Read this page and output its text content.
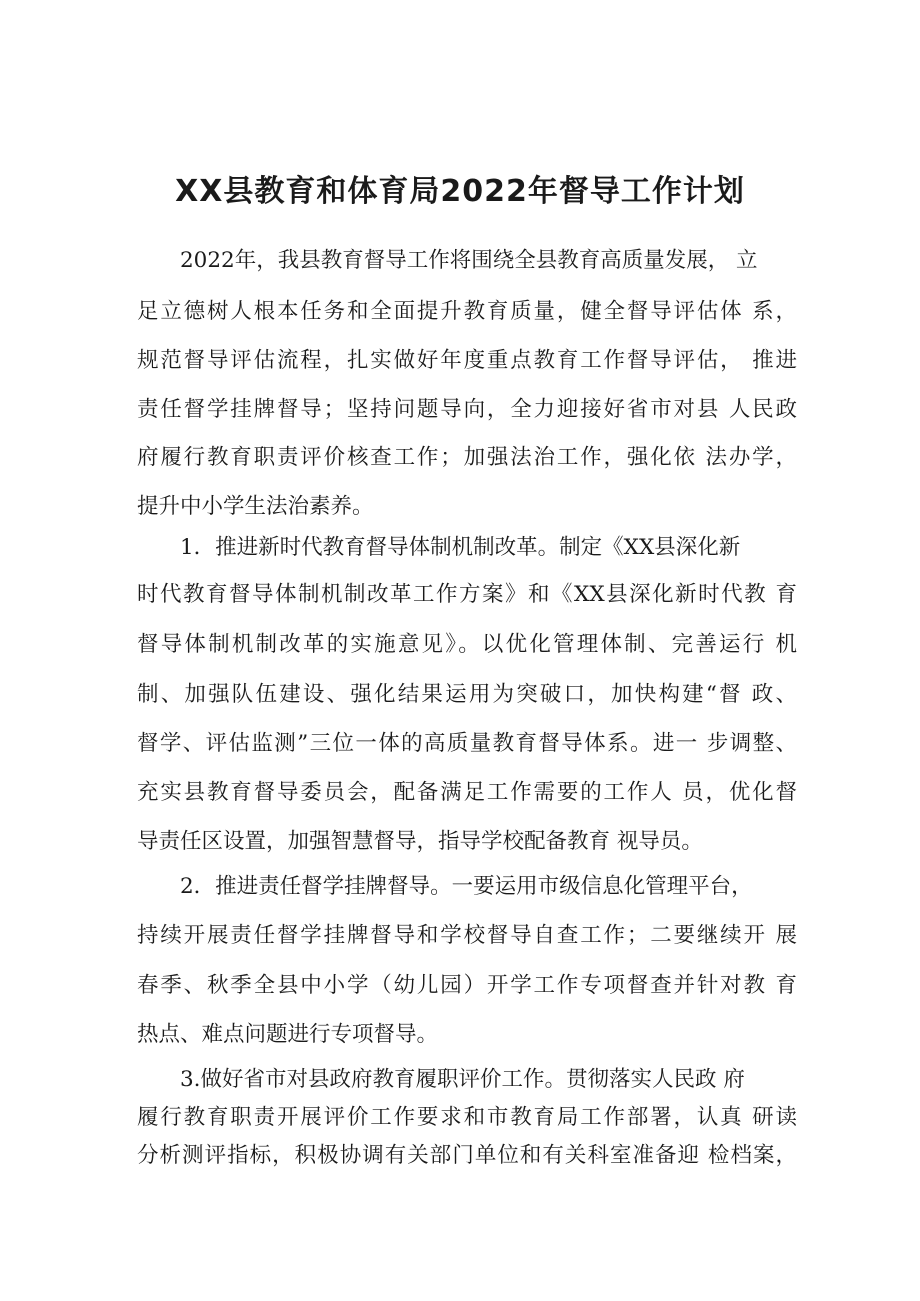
XX县教育和体育局2022年督导工作计划

2022年，我县教育督导工作将围绕全县教育高质量发展， 立

足立德树人根本任务和全面提升教育质量，健全督导评估体 系，

规范督导评估流程，扎实做好年度重点教育工作督导评估， 推进

责任督学挂牌督导；坚持问题导向，全力迎接好省市对县 人民政

府履行教育职责评价核查工作；加强法治工作，强化依 法办学，

提升中小学生法治素养。

1．推进新时代教育督导体制机制改革。制定《XX县深化新

时代教育督导体制机制改革工作方案》和《XX县深化新时代教 育

督导体制机制改革的实施意见》。以优化管理体制、完善运行 机

制、加强队伍建设、强化结果运用为突破口，加快构建“督 政、

督学、评估监测”三位一体的高质量教育督导体系。进一 步调整、

充实县教育督导委员会，配备满足工作需要的工作人 员，优化督

导责任区设置，加强智慧督导，指导学校配备教育 视导员。

2．推进责任督学挂牌督导。一要运用市级信息化管理平台，

持续开展责任督学挂牌督导和学校督导自查工作；二要继续开 展

春季、秋季全县中小学（幼儿园）开学工作专项督查并针对教 育

热点、难点问题进行专项督导。

3.做好省市对县政府教育履职评价工作。贯彻落实人民政 府

履行教育职责开展评价工作要求和市教育局工作部署，认真 研读

分析测评指标，积极协调有关部门单位和有关科室准备迎 检档案，
